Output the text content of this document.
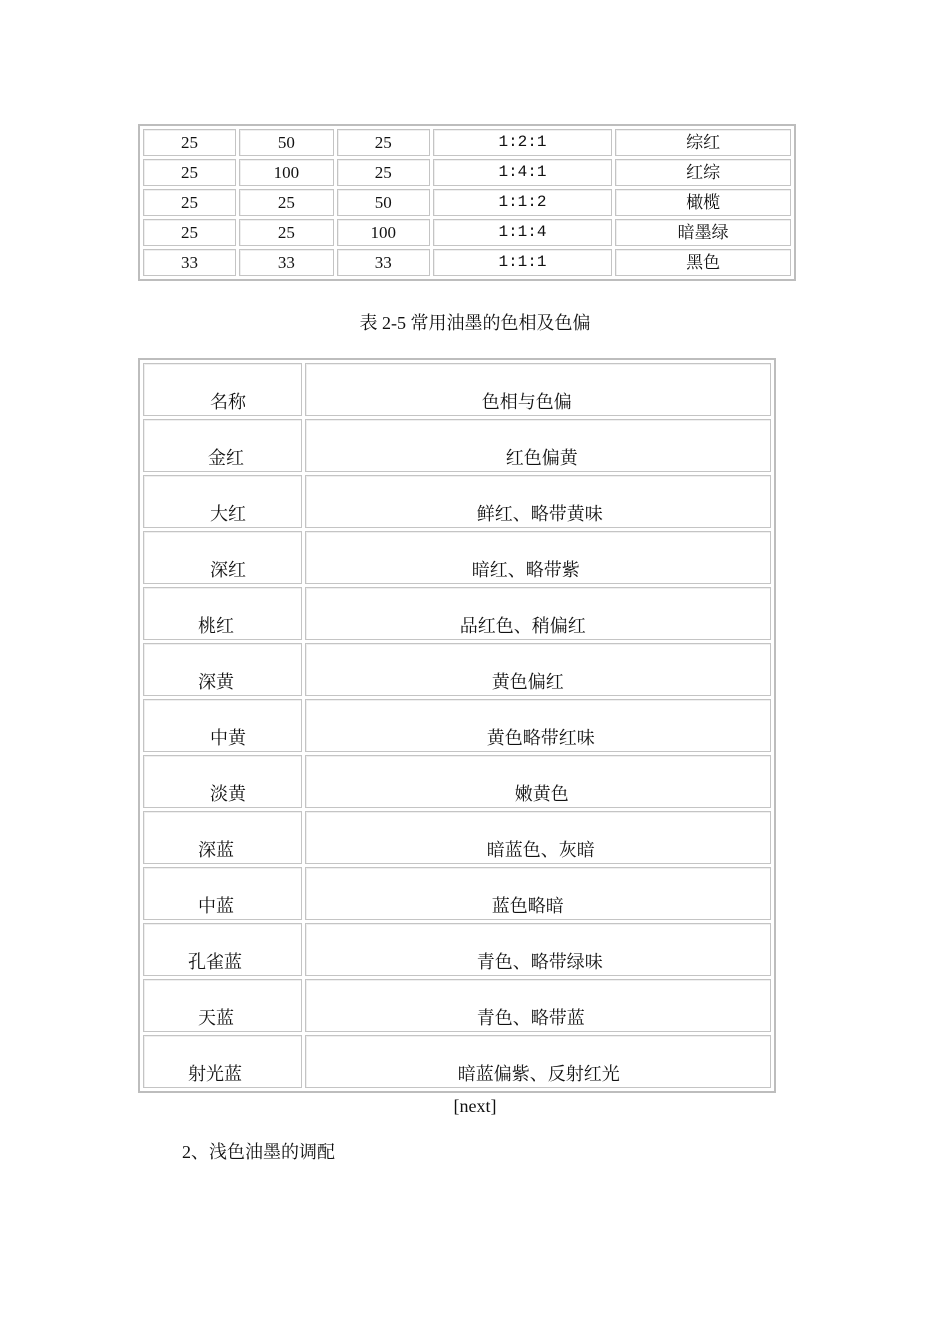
25	50	25	1:2:1	综红
25	100	25	1:4:1	红综
25	25	50	1:1:2	橄榄
25	25	100	1:1:4	暗墨绿
33	33	33	1:1:1	黑色
表 2-5 常用油墨的色相及色偏
名称	色相与色偏
金红	红色偏黄
大红	鲜红、略带黄味
深红	暗红、略带紫
桃红	品红色、稍偏红
深黄	黄色偏红
中黄	黄色略带红味
淡黄	嫩黄色
深蓝	暗蓝色、灰暗
中蓝	蓝色略暗
孔雀蓝	青色、略带绿味
天蓝	青色、略带蓝
射光蓝	暗蓝偏紫、反射红光
[next]
2、浅色油墨的调配
